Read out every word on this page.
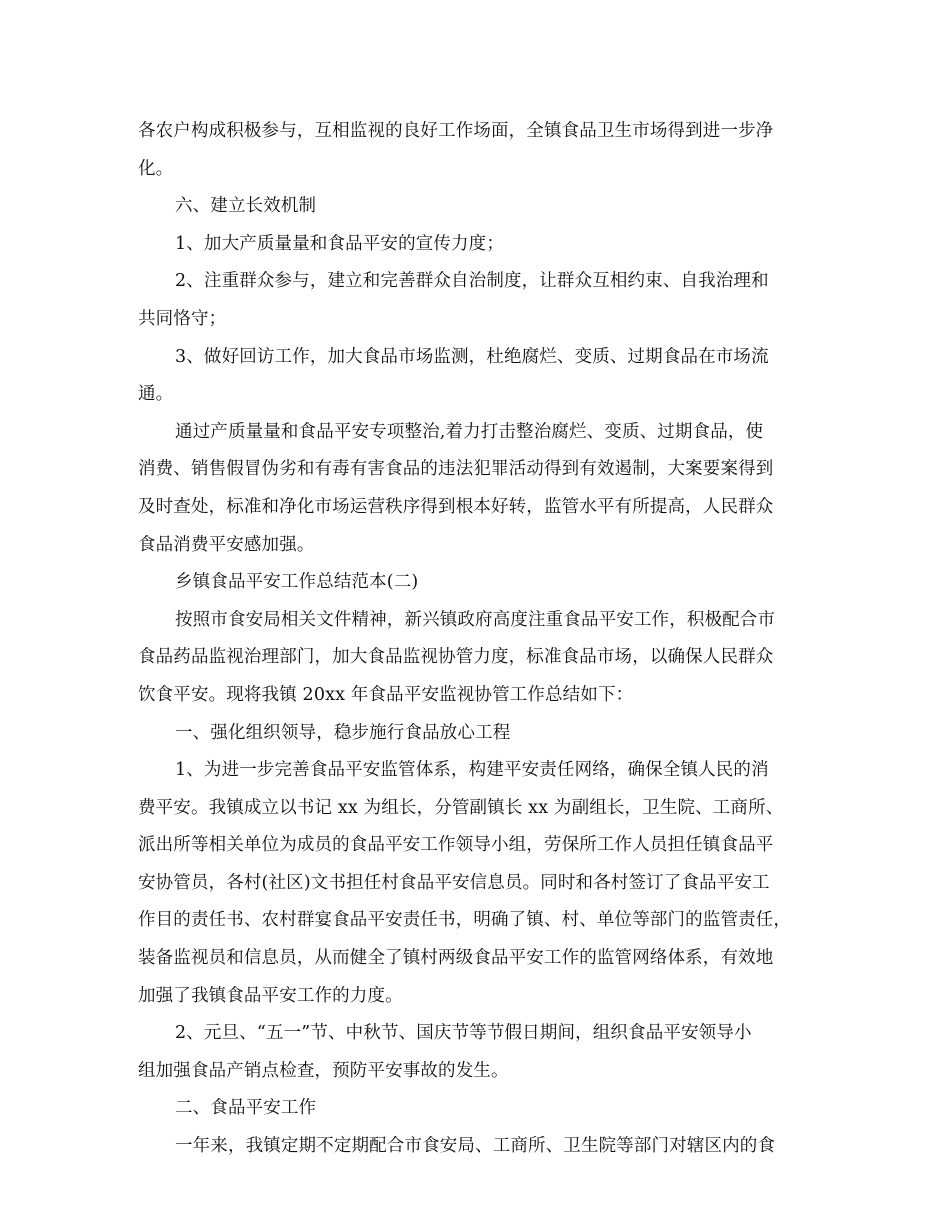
各农户构成积极参与，互相监视的良好工作场面，全镇食品卫生市场得到进一步净
化。
六、建立长效机制
1、加大产质量量和食品平安的宣传力度；
2、注重群众参与，建立和完善群众自治制度，让群众互相约束、自我治理和
共同恪守；
3、做好回访工作，加大食品市场监测，杜绝腐烂、变质、过期食品在市场流
通。
通过产质量量和食品平安专项整治,着力打击整治腐烂、变质、过期食品，使
消费、销售假冒伪劣和有毒有害食品的违法犯罪活动得到有效遏制，大案要案得到
及时查处，标准和净化市场运营秩序得到根本好转，监管水平有所提高，人民群众
食品消费平安感加强。
乡镇食品平安工作总结范本(二)
按照市食安局相关文件精神，新兴镇政府高度注重食品平安工作，积极配合市
食品药品监视治理部门，加大食品监视协管力度，标准食品市场，以确保人民群众
饮食平安。现将我镇 20xx 年食品平安监视协管工作总结如下：
一、强化组织领导，稳步施行食品放心工程
1、为进一步完善食品平安监管体系，构建平安责任网络，确保全镇人民的消
费平安。我镇成立以书记 xx 为组长，分管副镇长 xx 为副组长，卫生院、工商所、
派出所等相关单位为成员的食品平安工作领导小组，劳保所工作人员担任镇食品平
安协管员，各村(社区)文书担任村食品平安信息员。同时和各村签订了食品平安工
作目的责任书、农村群宴食品平安责任书，明确了镇、村、单位等部门的监管责任，
装备监视员和信息员，从而健全了镇村两级食品平安工作的监管网络体系，有效地
加强了我镇食品平安工作的力度。
2、元旦、“五一”节、中秋节、国庆节等节假日期间，组织食品平安领导小
组加强食品产销点检查，预防平安事故的发生。
二、食品平安工作
一年来，我镇定期不定期配合市食安局、工商所、卫生院等部门对辖区内的食
